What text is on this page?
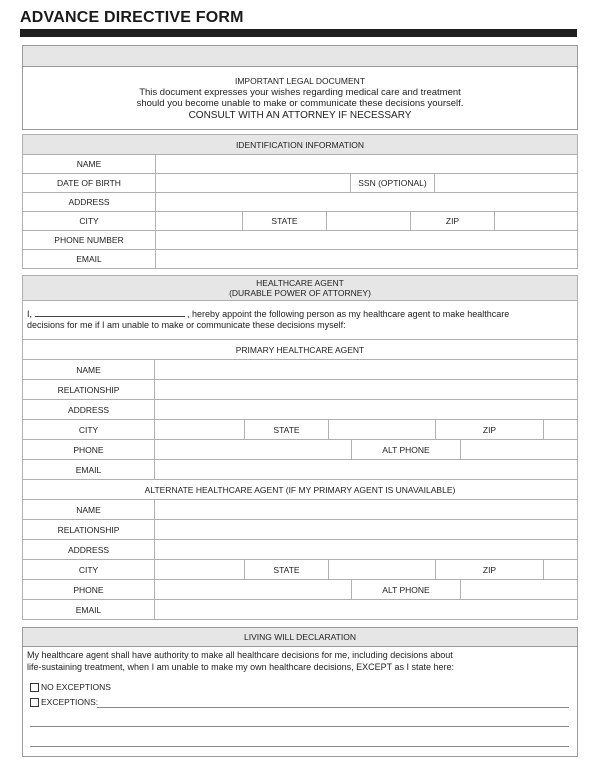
ADVANCE DIRECTIVE FORM
IMPORTANT LEGAL DOCUMENT
This document expresses your wishes regarding medical care and treatment
should you become unable to make or communicate these decisions yourself.
CONSULT WITH AN ATTORNEY IF NECESSARY
IDENTIFICATION INFORMATION							
NAME							
DATE OF BIRTH				SSN (OPTIONAL)			
ADDRESS							
CITY		STATE			ZIP		
PHONE NUMBER							
EMAIL							
HEALTHCARE AGENT
(DURABLE POWER OF ATTORNEY)							

I, , hereby appoint the following person as my healthcare agent to make healthcare
decisions for me if I am unable to make or communicate these decisions myself:							
PRIMARY HEALTHCARE AGENT							
NAME							
RELATIONSHIP							
ADDRESS							
CITY		STATE			ZIP		
PHONE				ALT PHONE			
EMAIL							
ALTERNATE HEALTHCARE AGENT (IF MY PRIMARY AGENT IS UNAVAILABLE)							
NAME							
RELATIONSHIP							
ADDRESS							
CITY		STATE			ZIP		
PHONE				ALT PHONE			
EMAIL							
LIVING WILL DECLARATION
My healthcare agent shall have authority to make all healthcare decisions for me, including decisions about
life-sustaining treatment, when I am unable to make my own healthcare decisions, EXCEPT as I state here:
NO EXCEPTIONS
EXCEPTIONS:
